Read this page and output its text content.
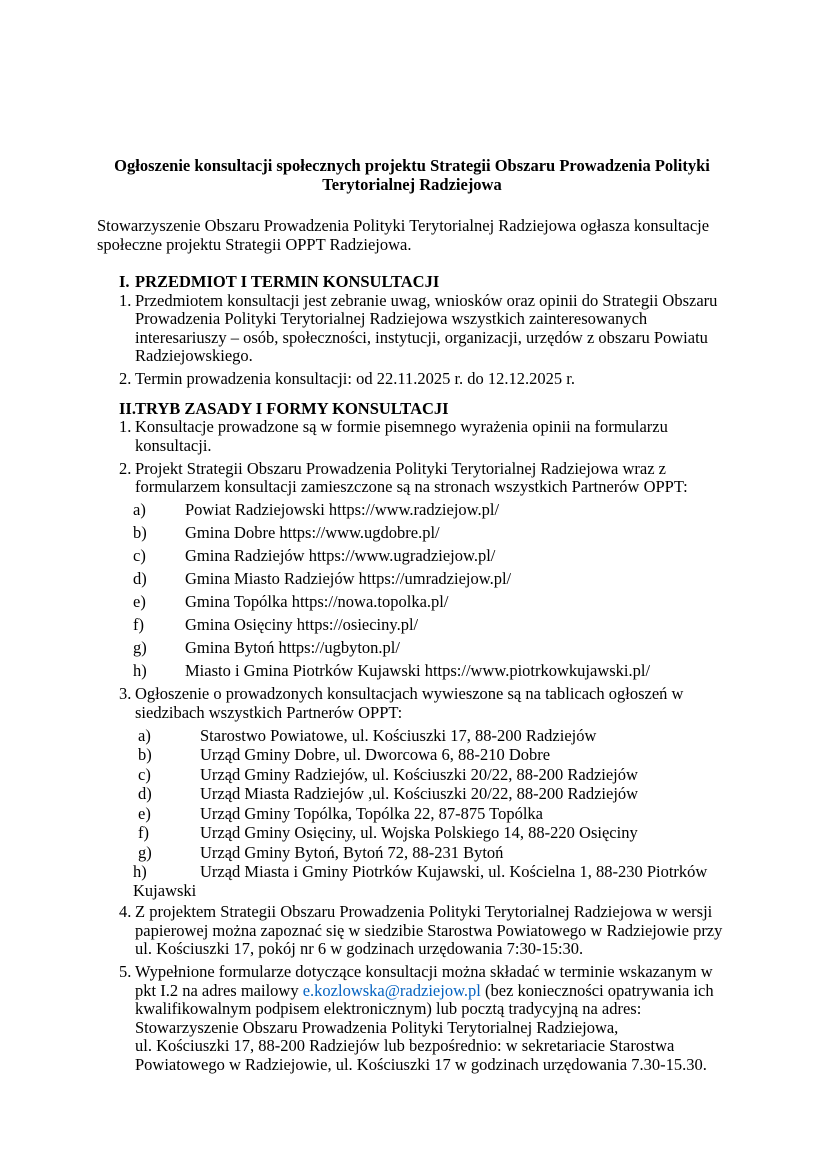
Ogłoszenie konsultacji społecznych projektu Strategii Obszaru Prowadzenia Polityki Terytorialnej Radziejowa

Stowarzyszenie Obszaru Prowadzenia Polityki Terytorialnej Radziejowa ogłasza konsultacje społeczne projektu Strategii OPPT Radziejowa.

I. PRZEDMIOT I TERMIN KONSULTACJI
1. Przedmiotem konsultacji jest zebranie uwag, wniosków oraz opinii do Strategii Obszaru Prowadzenia Polityki Terytorialnej Radziejowa wszystkich zainteresowanych interesariuszy – osób, społeczności, instytucji, organizacji, urzędów z obszaru Powiatu Radziejowskiego.
2. Termin prowadzenia konsultacji: od 22.11.2025 r. do 12.12.2025 r.
II. TRYB ZASADY I FORMY KONSULTACJI
1. Konsultacje prowadzone są w formie pisemnego wyrażenia opinii na formularzu konsultacji.
2. Projekt Strategii Obszaru Prowadzenia Polityki Terytorialnej Radziejowa wraz z formularzem konsultacji zamieszczone są na stronach wszystkich Partnerów OPPT:
a) Powiat Radziejowski https://www.radziejow.pl/
b) Gmina Dobre https://www.ugdobre.pl/
c) Gmina Radziejów https://www.ugradziejow.pl/
d) Gmina Miasto Radziejów https://umradziejow.pl/
e) Gmina Topólka https://nowa.topolka.pl/
f) Gmina Osięciny https://osieciny.pl/
g) Gmina Bytoń https://ugbyton.pl/
h) Miasto i Gmina Piotrków Kujawski https://www.piotrkowkujawski.pl/
3. Ogłoszenie o prowadzonych konsultacjach wywieszone są na tablicach ogłoszeń w siedzibach wszystkich Partnerów OPPT:
a)	Starostwo Powiatowe, ul. Kościuszki 17, 88-200 Radziejów
b)	Urząd Gminy Dobre, ul. Dworcowa 6, 88-210 Dobre
c)	Urząd Gminy Radziejów, ul. Kościuszki 20/22, 88-200 Radziejów
d)	Urząd Miasta Radziejów ,ul. Kościuszki 20/22, 88-200 Radziejów
e)	Urząd Gminy Topólka, Topólka 22, 87-875 Topólka
f)	Urząd Gminy Osięciny, ul. Wojska Polskiego 14, 88-220 Osięciny
g)	Urząd Gminy Bytoń, Bytoń 72, 88-231 Bytoń
h)	Urząd Miasta i Gminy Piotrków Kujawski, ul. Kościelna 1, 88-230 Piotrków Kujawski
4. Z projektem Strategii Obszaru Prowadzenia Polityki Terytorialnej Radziejowa w wersji papierowej można zapoznać się w siedzibie Starostwa Powiatowego w Radziejowie przy ul. Kościuszki 17, pokój nr 6 w godzinach urzędowania 7:30-15:30.
5. Wypełnione formularze dotyczące konsultacji można składać w terminie wskazanym w pkt I.2 na adres mailowy e.kozlowska@radziejow.pl (bez konieczności opatrywania ich kwalifikowalnym podpisem elektronicznym) lub pocztą tradycyjną na adres:
Stowarzyszenie Obszaru Prowadzenia Polityki Terytorialnej Radziejowa,
ul. Kościuszki 17, 88-200 Radziejów lub bezpośrednio: w sekretariacie Starostwa Powiatowego w Radziejowie, ul. Kościuszki 17 w godzinach urzędowania 7.30-15.30.
